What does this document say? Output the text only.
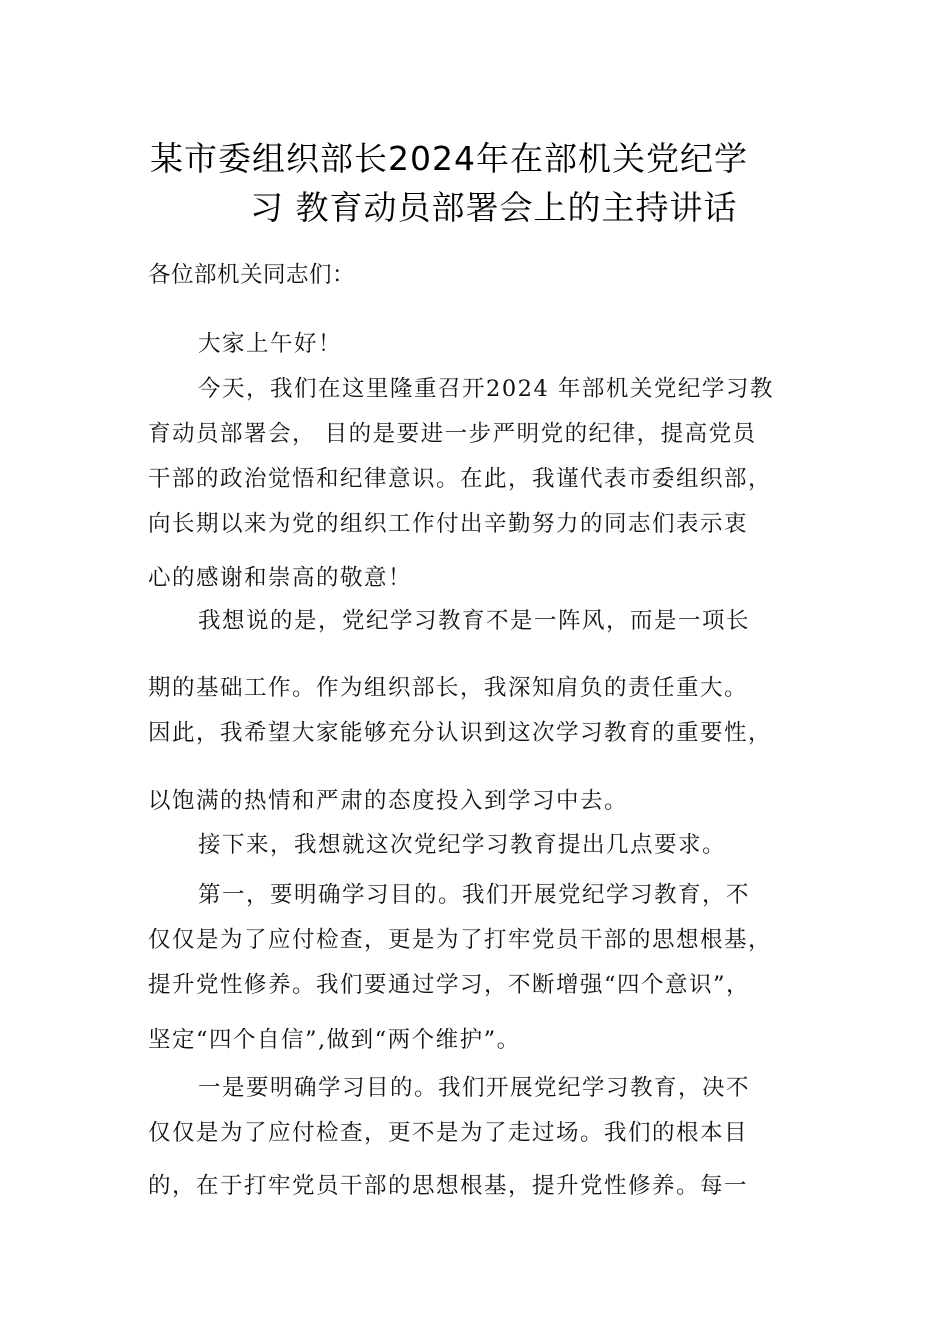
某市委组织部长2024年在部机关党纪学
习 教育动员部署会上的主持讲话
各位部机关同志们：
大家上午好！
今天，我们在这里隆重召开2024 年部机关党纪学习教
育动员部署会， 目的是要进一步严明党的纪律，提高党员
干部的政治觉悟和纪律意识。在此，我谨代表市委组织部，
向长期以来为党的组织工作付出辛勤努力的同志们表示衷
心的感谢和崇高的敬意！
我想说的是，党纪学习教育不是一阵风，而是一项长
期的基础工作。作为组织部长，我深知肩负的责任重大。
因此，我希望大家能够充分认识到这次学习教育的重要性，
以饱满的热情和严肃的态度投入到学习中去。
接下来，我想就这次党纪学习教育提出几点要求。
第一，要明确学习目的。我们开展党纪学习教育，不
仅仅是为了应付检查，更是为了打牢党员干部的思想根基，
提升党性修养。我们要通过学习，不断增强“四个意识”，
坚定“四个自信”,做到“两个维护”。
一是要明确学习目的。我们开展党纪学习教育，决不
仅仅是为了应付检查，更不是为了走过场。我们的根本目
的，在于打牢党员干部的思想根基，提升党性修养。每一
